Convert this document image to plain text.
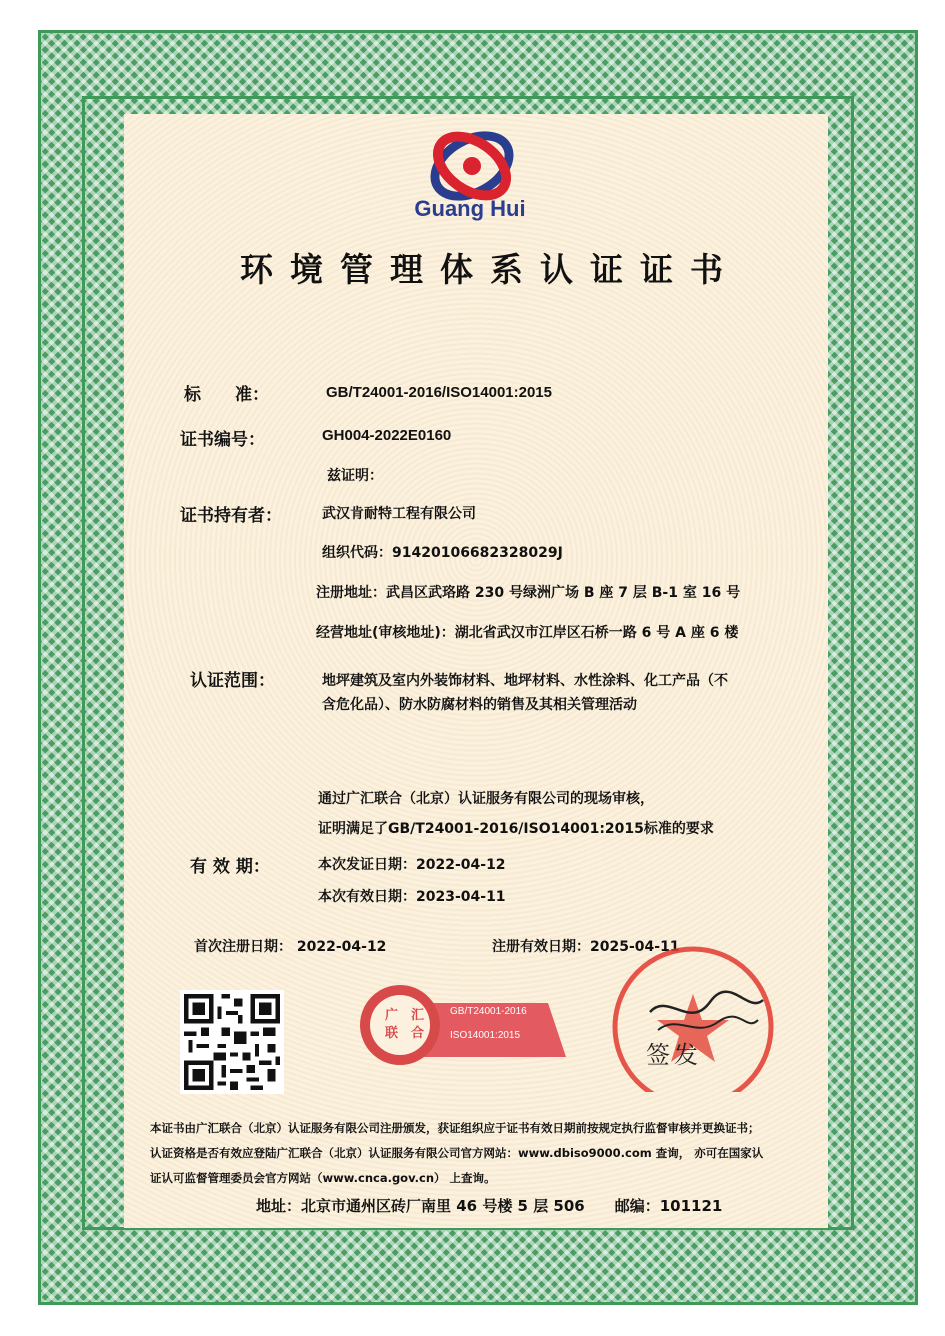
Guang Hui
环境管理体系认证证书
标　　准：	GB/T24001-2016/ISO14001:2015
证书编号：	GH004-2022E0160
兹证明：
证书持有者：	武汉肯耐特工程有限公司
组织代码：91420106682328029J
注册地址：武昌区武珞路 230 号绿洲广场 B 座 7 层 B-1 室 16 号
经营地址(审核地址)：湖北省武汉市江岸区石桥一路 6 号 A 座 6 楼
认证范围：	地坪建筑及室内外装饰材料、地坪材料、水性涂料、化工产品（不
含危化品）、防水防腐材料的销售及其相关管理活动
通过广汇联合（北京）认证服务有限公司的现场审核，
证明满足了GB/T24001-2016/ISO14001:2015标准的要求
有 效 期：	本次发证日期：2022-04-12
本次有效日期：2023-04-11
首次注册日期： 2022-04-12	注册有效日期：2025-04-11
广　汇
联　合
GB/T24001-2016
ISO14001:2015
签发
本证书由广汇联合（北京）认证服务有限公司注册颁发，获证组织应于证书有效日期前按规定执行监督审核并更换证书；
认证资格是否有效应登陆广汇联合（北京）认证服务有限公司官方网站：www.dbiso9000.com 查询， 亦可在国家认
证认可监督管理委员会官方网站（www.cnca.gov.cn） 上查询。
地址：北京市通州区砖厂南里 46 号楼 5 层 506　　邮编：101121
